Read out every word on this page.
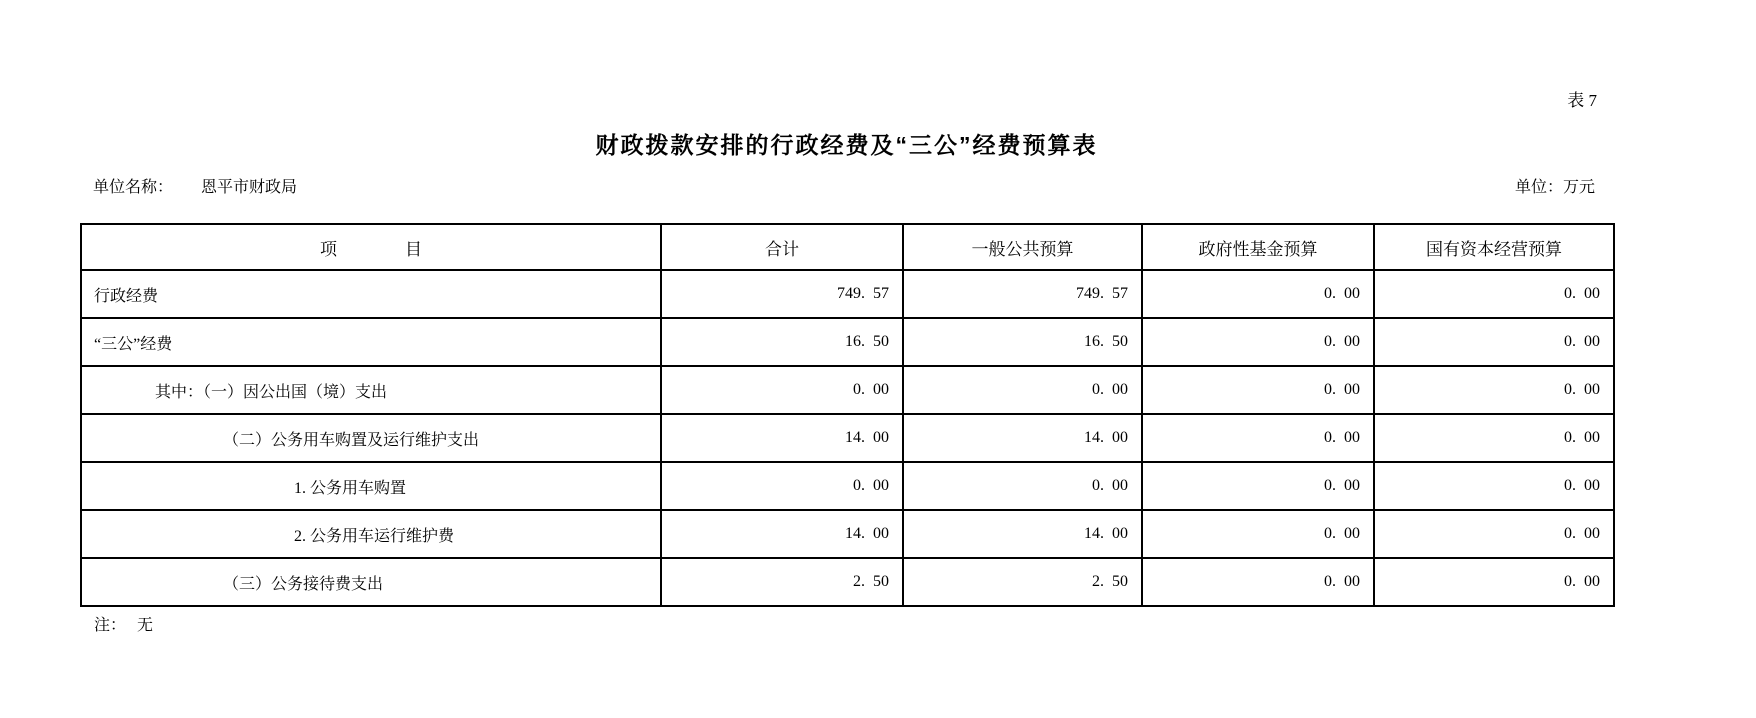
表 7
财政拨款安排的行政经费及“三公”经费预算表
单位名称： 恩平市财政局	单位：万元
项　　　　目	合计	一般公共预算	政府性基金预算	国有资本经营预算
行政经费	749. 57	749. 57	0. 00	0. 00
“三公”经费	16. 50	16. 50	0. 00	0. 00
其中：（一）因公出国（境）支出	0. 00	0. 00	0. 00	0. 00
（二）公务用车购置及运行维护支出	14. 00	14. 00	0. 00	0. 00
1. 公务用车购置	0. 00	0. 00	0. 00	0. 00
2. 公务用车运行维护费	14. 00	14. 00	0. 00	0. 00
（三）公务接待费支出	2. 50	2. 50	0. 00	0. 00
注： 无
